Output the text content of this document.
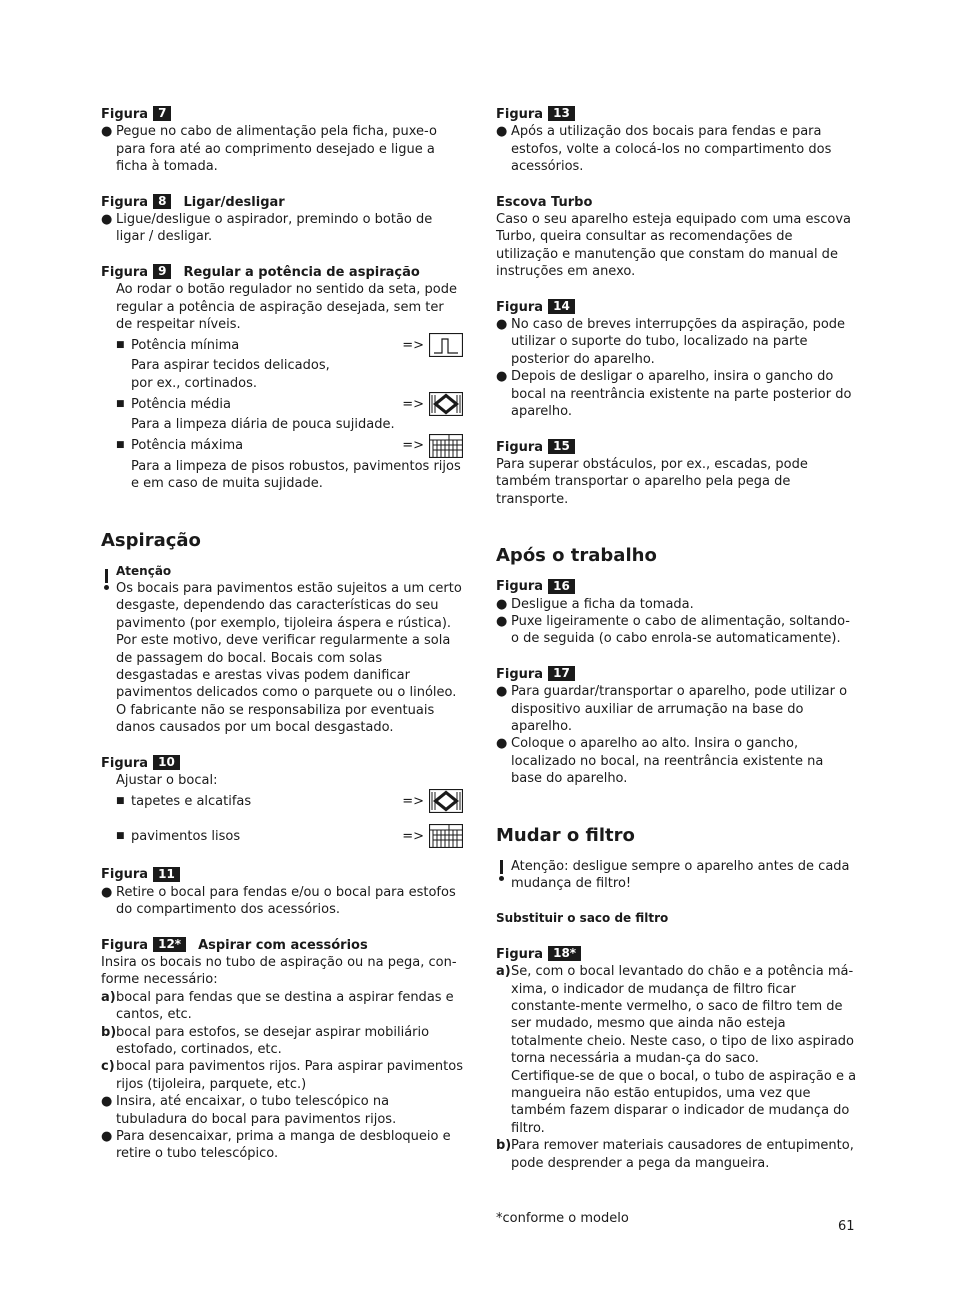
Figura 7
● Pegue no cabo de alimentação pela ficha, puxe-o para fora até ao comprimento desejado e ligue a ficha à tomada.
Figura 8	Ligar/desligar
● Ligue/desligue o aspirador, premindo o botão de ligar / desligar.
Figura 9	Regular a potência de aspiração
Ao rodar o botão regulador no sentido da seta, pode regular a potência de aspiração desejada, sem ter de respeitar níveis.
■ Potência mínima	=>
Para aspirar tecidos delicados, por ex., cortinados.
■ Potência média	=>
Para a limpeza diária de pouca sujidade.
■ Potência máxima	=>
Para a limpeza de pisos robustos, pavimentos rijos e em caso de muita sujidade.
Aspiração
Atenção
Os bocais para pavimentos estão sujeitos a um certo desgaste, dependendo das características do seu pavimento (por exemplo, tijoleira áspera e rústica). Por este motivo, deve verificar regularmente a sola de passagem do bocal. Bocais com solas desgastadas e arestas vivas podem danificar pavimentos delicados como o parquete ou o linóleo. O fabricante não se responsabiliza por eventuais danos causados por um bocal desgastado.
Figura 10
Ajustar o bocal:
■ tapetes e alcatifas	=>
■ pavimentos lisos	=>
Figura 11
● Retire o bocal para fendas e/ou o bocal para estofos do compartimento dos acessórios.
Figura 12*	Aspirar com acessórios
Insira os bocais no tubo de aspiração ou na pega, con-forme necessário:
a) bocal para fendas que se destina a aspirar fendas e cantos, etc.
b) bocal para estofos, se desejar aspirar mobiliário estofado, cortinados, etc.
c) bocal para pavimentos rijos. Para aspirar pavimentos rijos (tijoleira, parquete, etc.)
● Insira, até encaixar, o tubo telescópico na tubuladura do bocal para pavimentos rijos.
● Para desencaixar, prima a manga de desbloqueio e retire o tubo telescópico.
Figura 13
● Após a utilização dos bocais para fendas e para estofos, volte a colocá-los no compartimento dos acessórios.
Escova Turbo
Caso o seu aparelho esteja equipado com uma escova Turbo, queira consultar as recomendações de utilização e manutenção que constam do manual de instruções em anexo.
Figura 14
● No caso de breves interrupções da aspiração, pode utilizar o suporte do tubo, localizado na parte posterior do aparelho.
● Depois de desligar o aparelho, insira o gancho do bocal na reentrância existente na parte posterior do aparelho.
Figura 15
Para superar obstáculos, por ex., escadas, pode também transportar o aparelho pela pega de transporte.
Após o trabalho
Figura 16
● Desligue a ficha da tomada.
● Puxe ligeiramente o cabo de alimentação, soltando-o de seguida (o cabo enrola-se automaticamente).
Figura 17
● Para guardar/transportar o aparelho, pode utilizar o dispositivo auxiliar de arrumação na base do aparelho.
● Coloque o aparelho ao alto. Insira o gancho, localizado no bocal, na reentrância existente na base do aparelho.
Mudar o filtro
Atenção: desligue sempre o aparelho antes de cada mudança de filtro!
Substituir o saco de filtro
Figura 18*
a) Se, com o bocal levantado do chão e a potência má-xima, o indicador de mudança de filtro ficar constante-mente vermelho, o saco de filtro tem de ser mudado, mesmo que ainda não esteja totalmente cheio. Neste caso, o tipo de lixo aspirado torna necessária a mudan-ça do saco.
Certifique-se de que o bocal, o tubo de aspiração e a mangueira não estão entupidos, uma vez que também fazem disparar o indicador de mudança do filtro.
b) Para remover materiais causadores de entupimento, pode desprender a pega da mangueira.
*conforme o modelo
61
